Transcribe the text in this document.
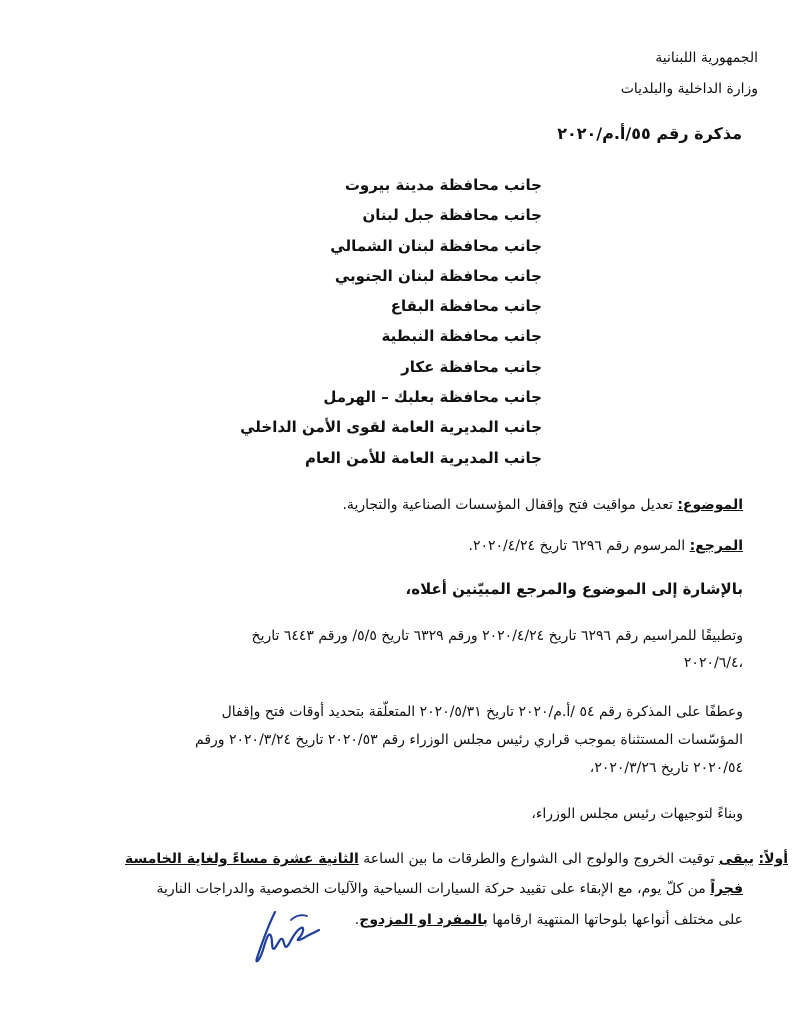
الجمهورية اللبنانية
وزارة الداخلية والبلديات
مذكرة رقم ٥٥/أ.م/٢٠٢٠
جانب محافظة مدينة بيروت
جانب محافظة جبل لبنان
جانب محافظة لبنان الشمالي
جانب محافظة لبنان الجنوبي
جانب محافظة البقاع
جانب محافظة النبطية
جانب محافظة عكار
جانب محافظة بعلبك – الهرمل
جانب المديرية العامة لقوى الأمن الداخلي
جانب المديرية العامة للأمن العام
الموضوع: تعديل مواقيت فتح وإقفال المؤسسات الصناعية والتجارية.
المرجع: المرسوم رقم ٦٢٩٦ تاريخ ٢٠٢٠/٤/٢٤.
بالإشارة إلى الموضوع والمرجع المبيّنين أعلاه،
وتطبيقًا للمراسيم رقم ٦٢٩٦ تاريخ ٢٠٢٠/٤/٢٤ ورقم ٦٣٢٩ تاريخ ٥/٥/ ورقم ٦٤٤٣ تاريخ
٢٠٢٠/٦/٤،
وعطفًا على المذكرة رقم ٥٤ /أ.م/٢٠٢٠ تاريخ ٢٠٢٠/٥/٣١ المتعلّقة بتحديد أوقات فتح وإقفال
المؤسّسات المستثناة بموجب قراري رئيس مجلس الوزراء رقم ٢٠٢٠/٥٣ تاريخ ٢٠٢٠/٣/٢٤ ورقم
٢٠٢٠/٥٤ تاريخ ٢٠٢٠/٣/٢٦،
وبناءً لتوجيهات رئيس مجلس الوزراء،
أولاً: يبقى توقيت الخروج والولوج الى الشوارع والطرقات ما بين الساعة الثانية عشرة مساءً ولغاية الخامسة
فجراً من كلّ يوم، مع الإبقاء على تقييد حركة السيارات السياحية والآليات الخصوصية والدراجات النارية
على مختلف أنواعها بلوحاتها المنتهية ارقامها بالمفرد او المزدوج.
